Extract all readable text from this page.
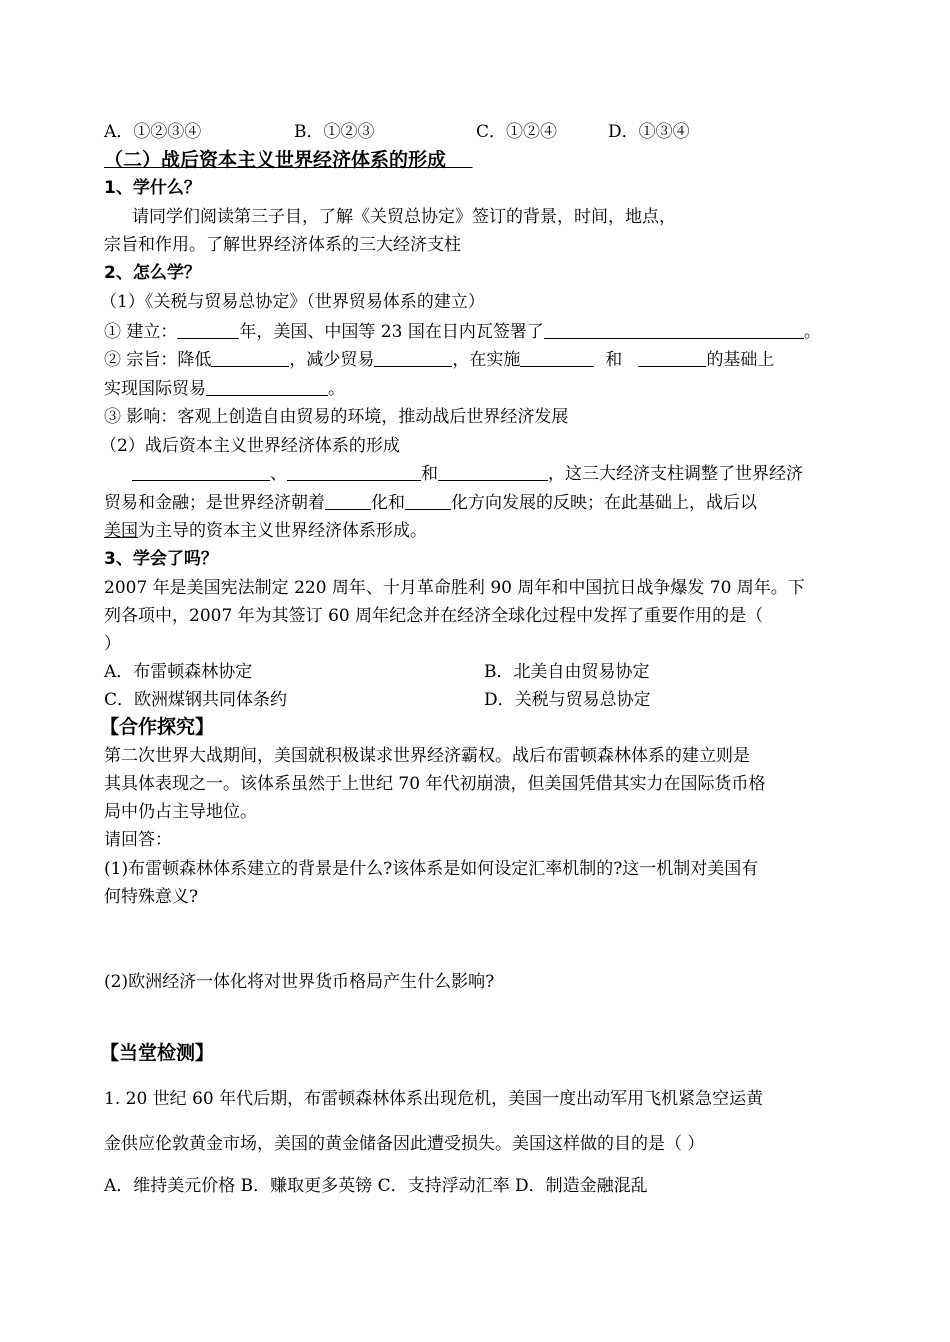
A．①②③④	B．①②③	C．①②④	D．①③④
（二）战后资本主义世界经济体系的形成
1、学什么？
请同学们阅读第三子目，了解《关贸总协定》签订的背景，时间，地点，
宗旨和作用。了解世界经济体系的三大经济支柱
2、怎么学？
（1）《关税与贸易总协定》（世界贸易体系的建立）
① 建立：	年，美国、中国等 23 国在日内瓦签署了	。
② 宗旨：降低	，减少贸易	，在实施	和	的基础上
实现国际贸易	。
③ 影响：客观上创造自由贸易的环境，推动战后世界经济发展
（2）战后资本主义世界经济体系的形成
、	和	，这三大经济支柱调整了世界经济
贸易和金融；是世界经济朝着	化和	化方向发展的反映；在此基础上，战后以
美国为主导的资本主义世界经济体系形成。
3、学会了吗？
2007 年是美国宪法制定 220 周年、十月革命胜利 90 周年和中国抗日战争爆发 70 周年。下
列各项中，2007 年为其签订 60 周年纪念并在经济全球化过程中发挥了重要作用的是（
）
A．布雷顿森林协定	B．北美自由贸易协定
C．欧洲煤钢共同体条约	D．关税与贸易总协定
【合作探究】
第二次世界大战期间，美国就积极谋求世界经济霸权。战后布雷顿森林体系的建立则是
其具体表现之一。该体系虽然于上世纪 70 年代初崩溃，但美国凭借其实力在国际货币格
局中仍占主导地位。
请回答：
(1)布雷顿森林体系建立的背景是什么?该体系是如何设定汇率机制的?这一机制对美国有
何特殊意义?
(2)欧洲经济一体化将对世界货币格局产生什么影响?
【当堂检测】
1. 20 世纪 60 年代后期，布雷顿森林体系出现危机，美国一度出动军用飞机紧急空运黄
金供应伦敦黄金市场，美国的黄金储备因此遭受损失。美国这样做的目的是（ ）
A．维持美元价格 B．赚取更多英镑 C．支持浮动汇率 D．制造金融混乱
